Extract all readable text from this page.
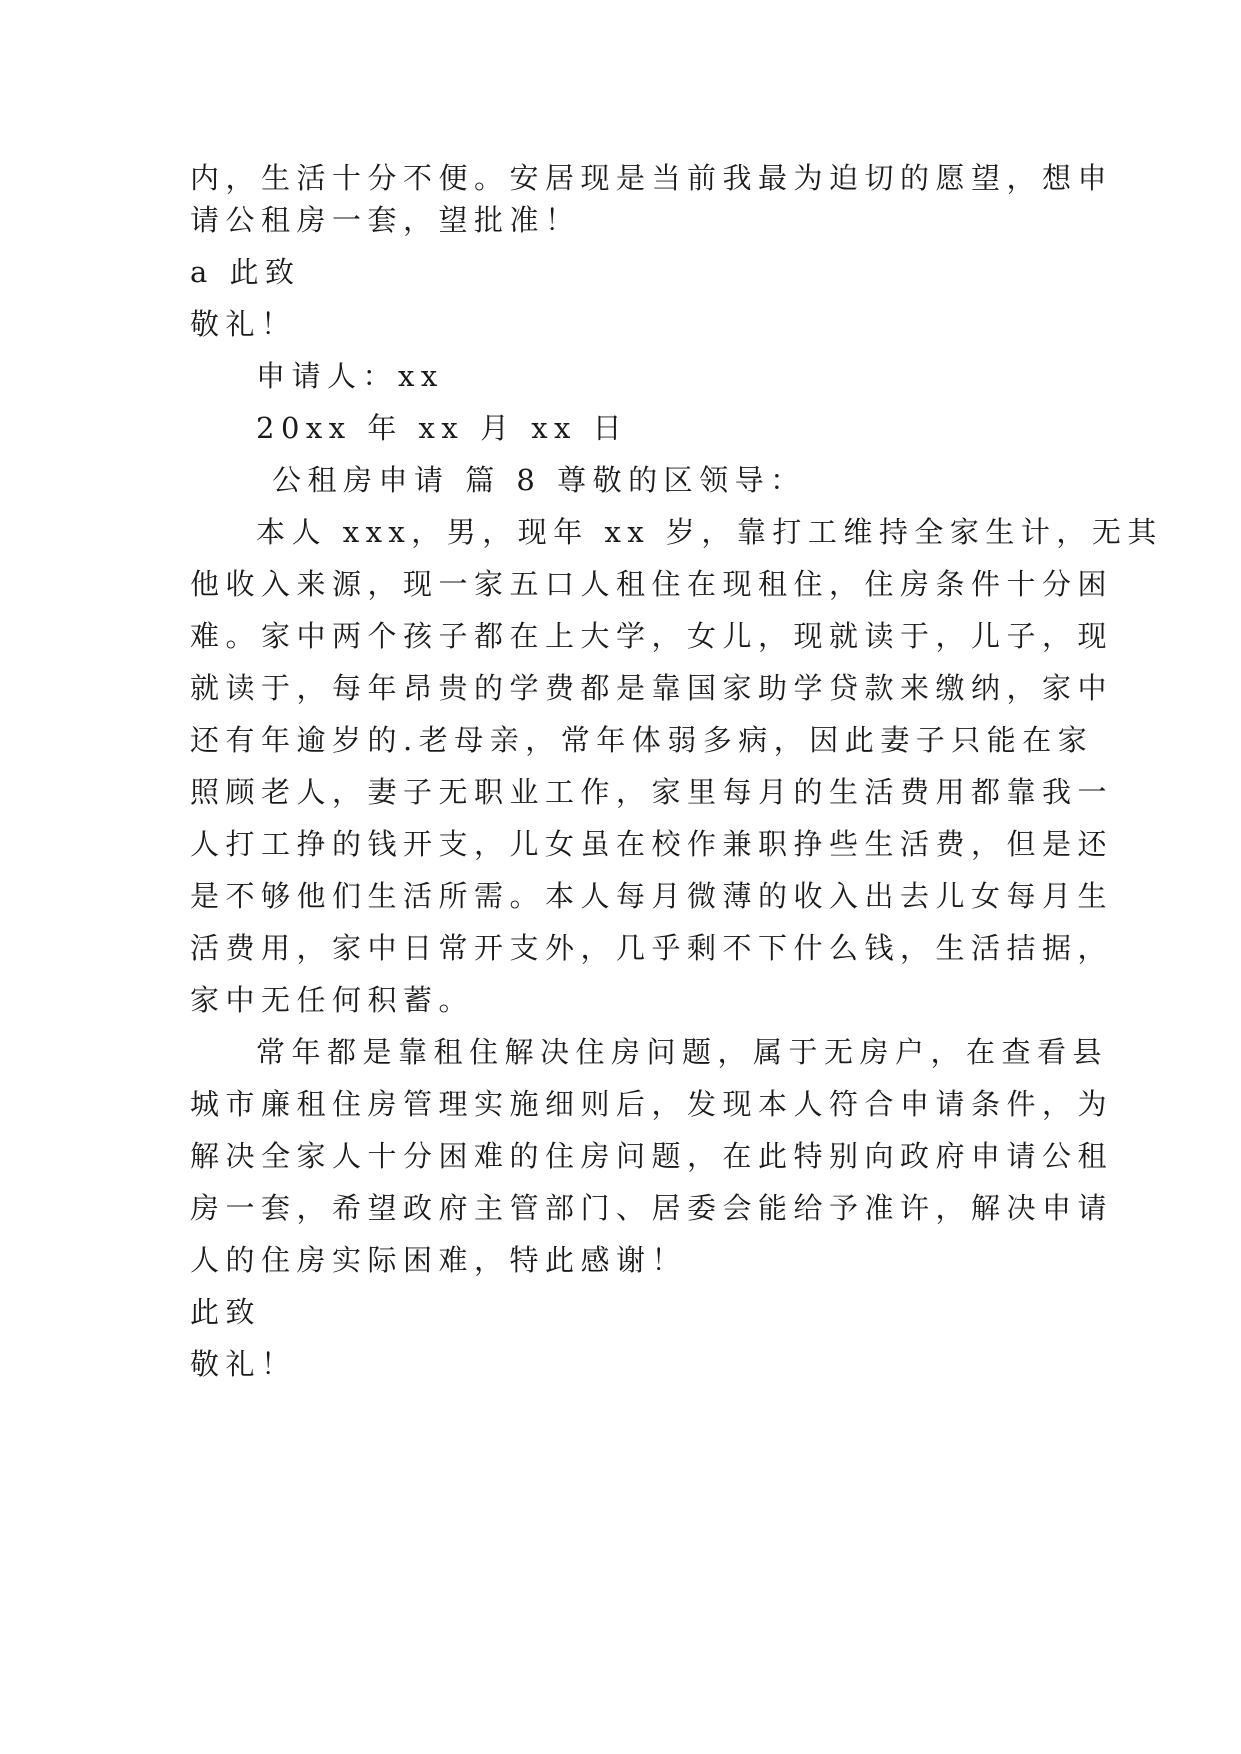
内，生活十分不便。安居现是当前我最为迫切的愿望，想申
请公租房一套，望批准！
a 此致
敬礼！
申请人：xx
20xx 年 xx 月 xx 日
公租房申请 篇 8 尊敬的区领导：
本人 xxx，男，现年 xx 岁，靠打工维持全家生计，无其
他收入来源，现一家五口人租住在现租住，住房条件十分困
难。家中两个孩子都在上大学，女儿，现就读于，儿子，现
就读于，每年昂贵的学费都是靠国家助学贷款来缴纳，家中
还有年逾岁的.老母亲，常年体弱多病，因此妻子只能在家
照顾老人，妻子无职业工作，家里每月的生活费用都靠我一
人打工挣的钱开支，儿女虽在校作兼职挣些生活费，但是还
是不够他们生活所需。本人每月微薄的收入出去儿女每月生
活费用，家中日常开支外，几乎剩不下什么钱，生活拮据，
家中无任何积蓄。
常年都是靠租住解决住房问题，属于无房户，在查看县
城市廉租住房管理实施细则后，发现本人符合申请条件，为
解决全家人十分困难的住房问题，在此特别向政府申请公租
房一套，希望政府主管部门、居委会能给予准许，解决申请
人的住房实际困难，特此感谢！
此致
敬礼！
